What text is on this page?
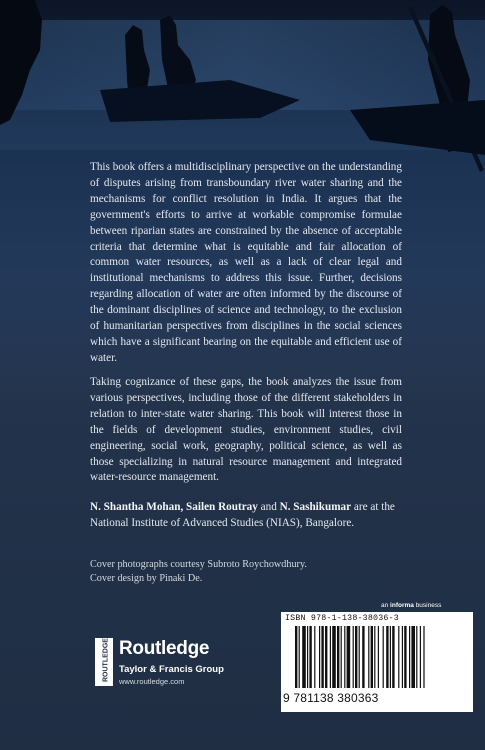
This book offers a multidisciplinary perspective on the understanding of disputes arising from transboundary river water sharing and the mechanisms for conflict resolution in India. It argues that the government's efforts to arrive at workable compromise formulae between riparian states are constrained by the absence of acceptable criteria that determine what is equitable and fair allocation of common water resources, as well as a lack of clear legal and institutional mechanisms to address this issue. Further, decisions regarding allocation of water are often informed by the discourse of the dominant disciplines of science and technology, to the exclusion of humanitarian perspectives from disciplines in the social sciences which have a significant bearing on the equitable and efficient use of water.
Taking cognizance of these gaps, the book analyzes the issue from various perspectives, including those of the different stakeholders in relation to inter-state water sharing. This book will interest those in the fields of development studies, environment studies, civil engineering, social work, geography, political science, as well as those specializing in natural resource management and integrated water-resource management.
N. Shantha Mohan, Sailen Routray and N. Sashikumar are at the National Institute of Advanced Studies (NIAS), Bangalore.
Cover photographs courtesy Subroto Roychowdhury.
Cover design by Pinaki De.
ROUTLEDGE Routledge
Taylor & Francis Group
www.routledge.com
an informa business
ISBN 978-1-138-38036-3
9 781138 380363
